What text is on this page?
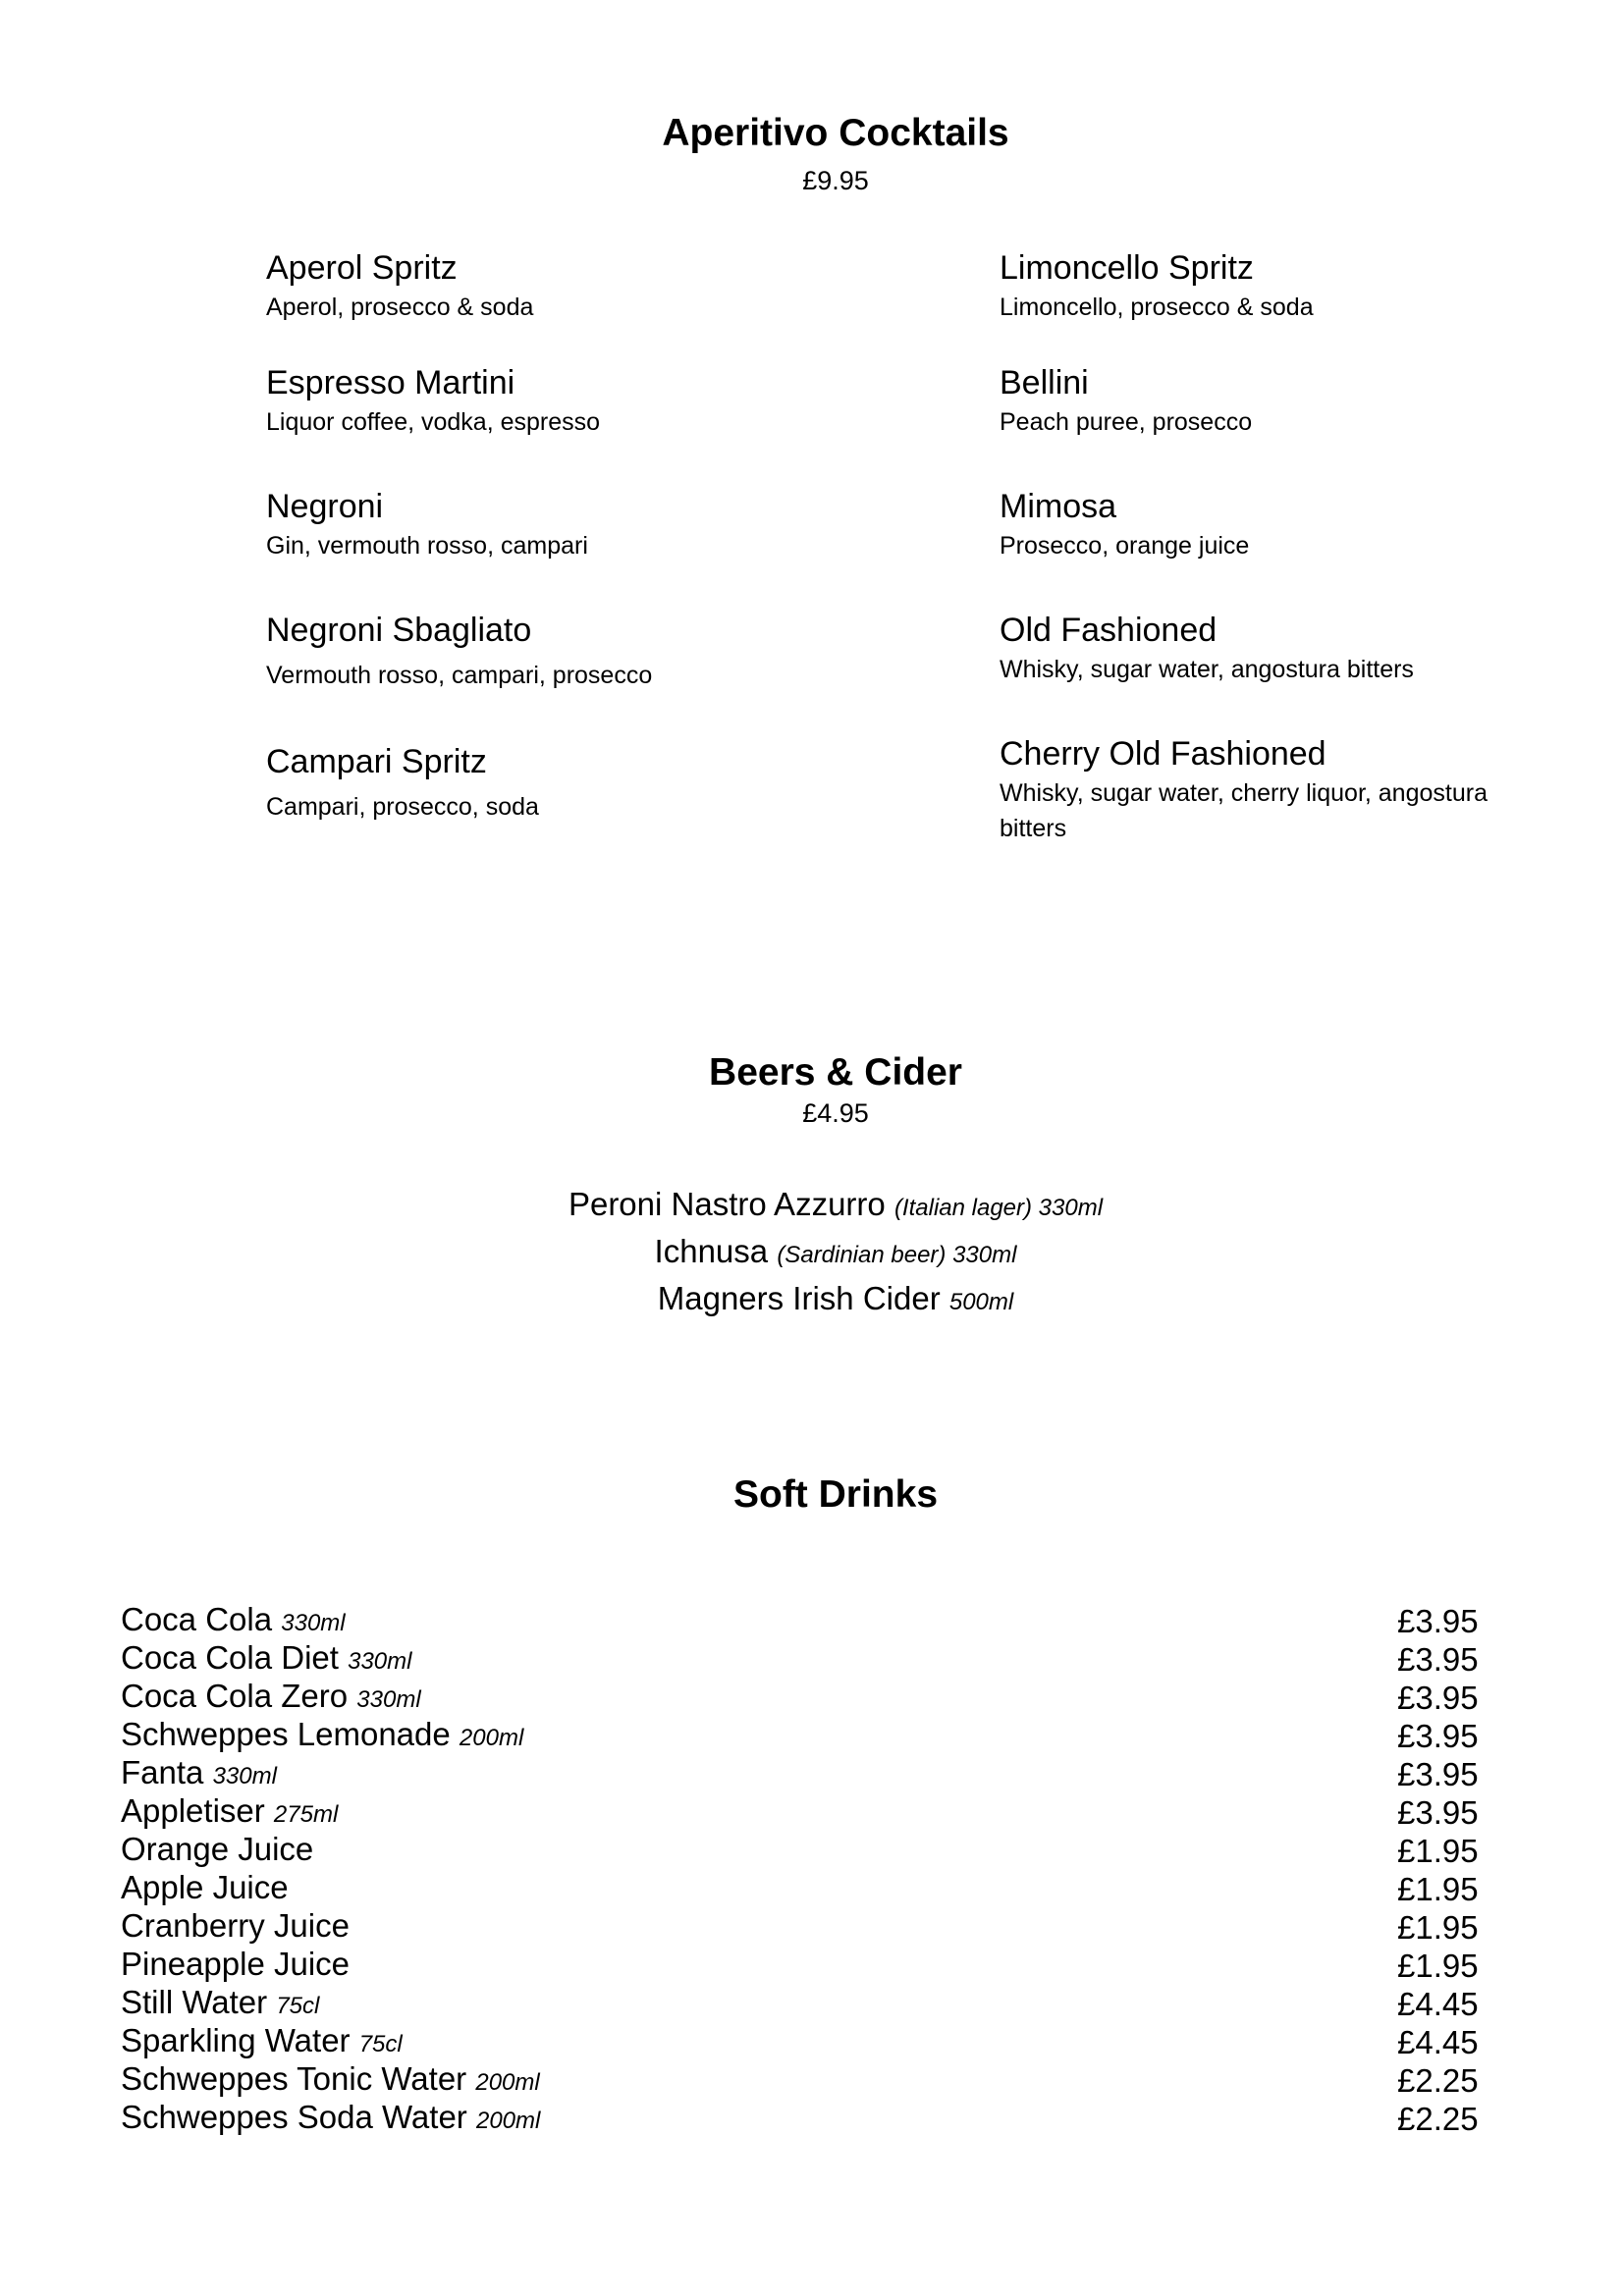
Aperitivo Cocktails
£9.95
Aperol Spritz
Aperol, prosecco & soda
Espresso Martini
Liquor coffee, vodka, espresso
Negroni
Gin, vermouth rosso, campari
Negroni Sbagliato
Vermouth rosso, campari, prosecco
Campari Spritz
Campari, prosecco, soda
Limoncello Spritz
Limoncello, prosecco & soda
Bellini
Peach puree, prosecco
Mimosa
Prosecco, orange juice
Old Fashioned
Whisky, sugar water, angostura bitters
Cherry Old Fashioned
Whisky, sugar water, cherry liquor, angostura bitters
Beers & Cider
£4.95
Peroni Nastro Azzurro (Italian lager) 330ml
Ichnusa (Sardinian beer) 330ml
Magners Irish Cider 500ml
Soft Drinks
Coca Cola 330ml	£3.95
Coca Cola Diet 330ml	£3.95
Coca Cola Zero 330ml	£3.95
Schweppes Lemonade 200ml	£3.95
Fanta 330ml	£3.95
Appletiser 275ml	£3.95
Orange Juice	£1.95
Apple Juice	£1.95
Cranberry Juice	£1.95
Pineapple Juice	£1.95
Still Water 75cl	£4.45
Sparkling Water 75cl	£4.45
Schweppes Tonic Water 200ml	£2.25
Schweppes Soda Water 200ml	£2.25
